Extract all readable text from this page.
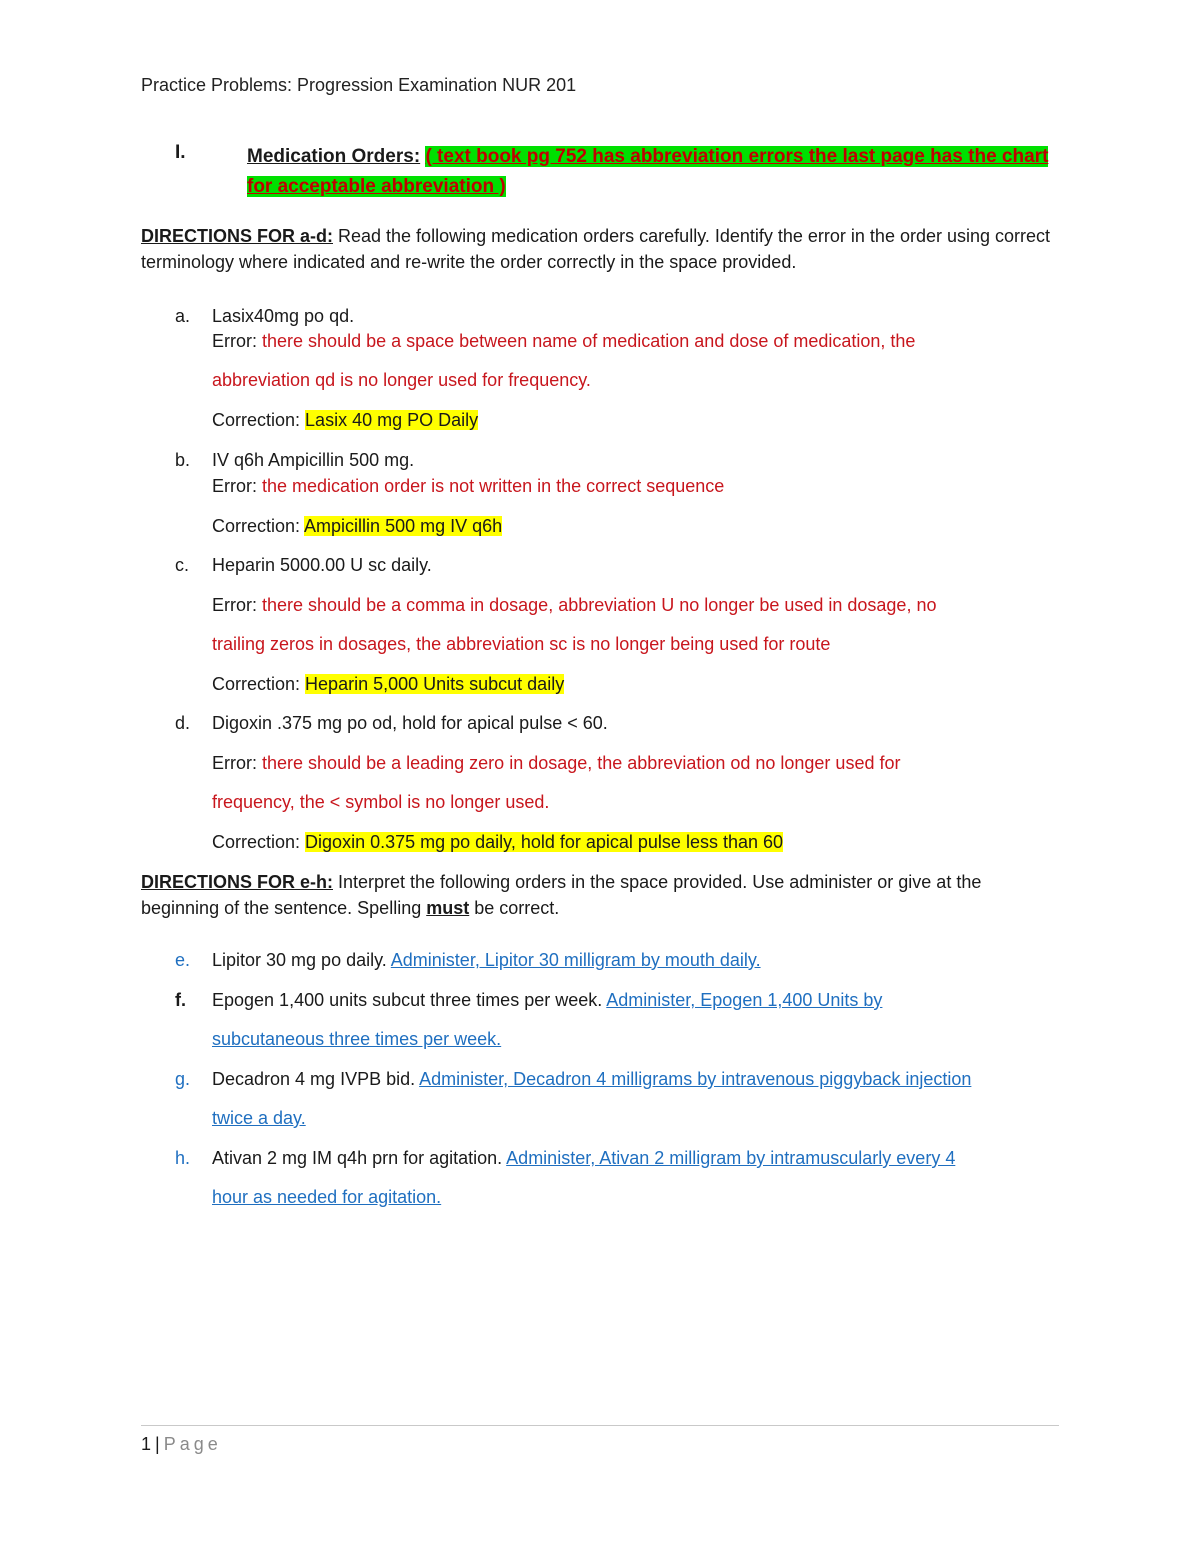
Practice Problems: Progression Examination NUR 201
I.	Medication Orders: ( text book pg 752 has abbreviation errors the last page has the chart
for acceptable abbreviation )
DIRECTIONS FOR a-d: Read the following medication orders carefully. Identify the error in the order using correct terminology where indicated and re-write the order correctly in the space provided.
a. Lasix40mg po qd.
Error: there should be a space between name of medication and dose of medication, the
abbreviation qd is no longer used for frequency.
Correction: Lasix 40 mg PO Daily
b. IV q6h Ampicillin 500 mg.
Error: the medication order is not written in the correct sequence
Correction: Ampicillin 500 mg IV q6h
c. Heparin 5000.00 U sc daily.
Error: there should be a comma in dosage, abbreviation U no longer be used in dosage, no
trailing zeros in dosages, the abbreviation sc is no longer being used for route
Correction: Heparin 5,000 Units subcut daily
d. Digoxin .375 mg po od, hold for apical pulse < 60.
Error: there should be a leading zero in dosage, the abbreviation od no longer used for
frequency, the < symbol is no longer used.
Correction: Digoxin 0.375 mg po daily, hold for apical pulse less than 60
DIRECTIONS FOR e-h: Interpret the following orders in the space provided. Use administer or give at the beginning of the sentence. Spelling must be correct.
e. Lipitor 30 mg po daily. Administer, Lipitor 30 milligram by mouth daily.
f. Epogen 1,400 units subcut three times per week. Administer, Epogen 1,400 Units by
subcutaneous three times per week.
g. Decadron 4 mg IVPB bid. Administer, Decadron 4 milligrams by intravenous piggyback injection
twice a day.
h. Ativan 2 mg IM q4h prn for agitation. Administer, Ativan 2 milligram by intramuscularly every 4
hour as needed for agitation.
1 | Page
